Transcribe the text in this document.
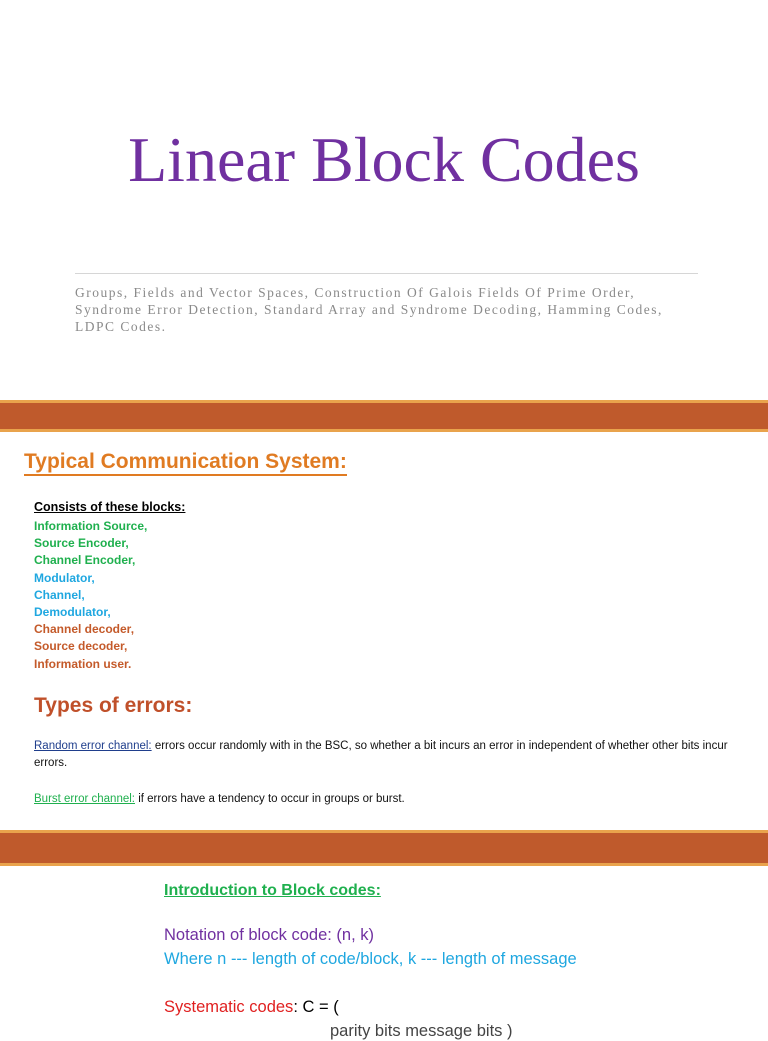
Linear Block Codes
Groups, Fields and Vector Spaces, Construction Of Galois Fields Of Prime Order, Syndrome Error Detection, Standard Array and Syndrome Decoding, Hamming Codes, LDPC Codes.
Typical Communication System:
Consists of these blocks:
Information Source,
Source Encoder,
Channel Encoder,
Modulator,
Channel,
Demodulator,
Channel decoder,
Source decoder,
Information user.
Types of errors:
Random error channel: errors occur randomly with in the BSC, so whether a bit incurs an error in independent of whether other bits incur errors.
Burst error channel: if errors have a tendency to occur in groups or burst.
Introduction to Block codes:
Notation of block code: (n, k)
Where n --- length of code/block, k --- length of message
Systematic codes: C = (
parity bits message bits )
